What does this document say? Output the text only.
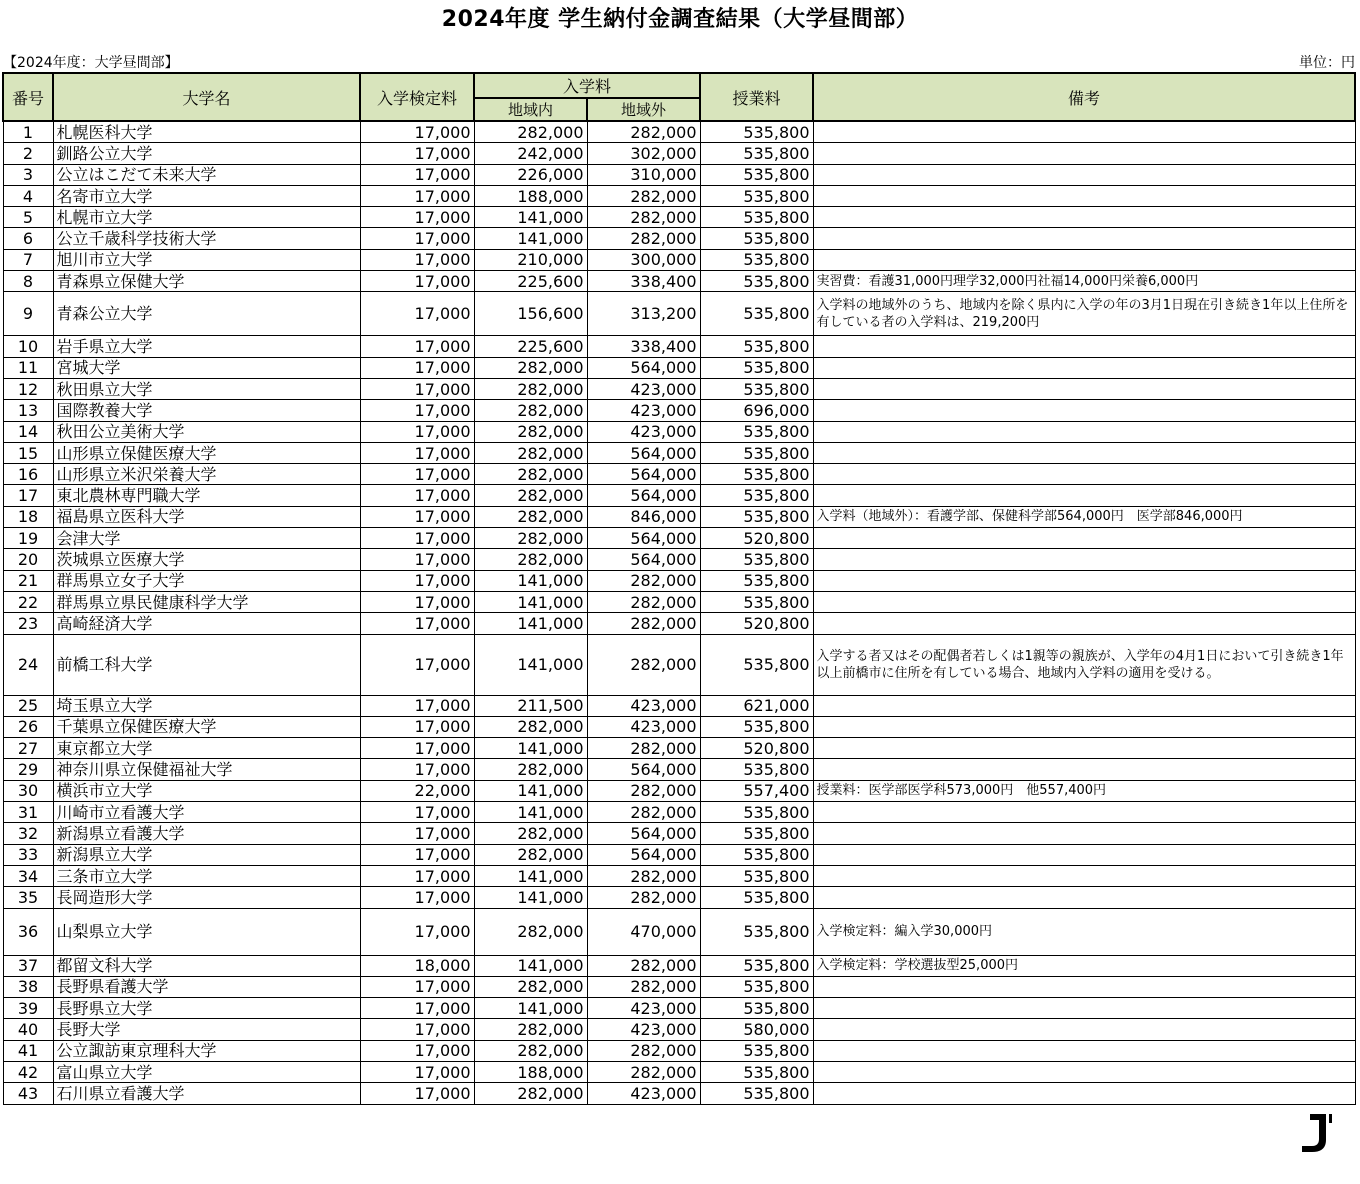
2024年度 学生納付金調査結果（大学昼間部）
【2024年度：大学昼間部】	単位：円
番号	大学名	入学検定料	入学料		授業料	備考
			地域内	地域外		
1	札幌医科大学	17,000	282,000	282,000	535,800	
2	釧路公立大学	17,000	242,000	302,000	535,800	
3	公立はこだて未来大学	17,000	226,000	310,000	535,800	
4	名寄市立大学	17,000	188,000	282,000	535,800	
5	札幌市立大学	17,000	141,000	282,000	535,800	
6	公立千歳科学技術大学	17,000	141,000	282,000	535,800	
7	旭川市立大学	17,000	210,000	300,000	535,800	
8	青森県立保健大学	17,000	225,600	338,400	535,800	実習費：看護31,000円理学32,000円社福14,000円栄養6,000円
9	青森公立大学	17,000	156,600	313,200	535,800	入学料の地域外のうち、地域内を除く県内に入学の年の3月1日現在引き続き1年以上住所を有している者の入学料は、219,200円
10	岩手県立大学	17,000	225,600	338,400	535,800	
11	宮城大学	17,000	282,000	564,000	535,800	
12	秋田県立大学	17,000	282,000	423,000	535,800	
13	国際教養大学	17,000	282,000	423,000	696,000	
14	秋田公立美術大学	17,000	282,000	423,000	535,800	
15	山形県立保健医療大学	17,000	282,000	564,000	535,800	
16	山形県立米沢栄養大学	17,000	282,000	564,000	535,800	
17	東北農林専門職大学	17,000	282,000	564,000	535,800	
18	福島県立医科大学	17,000	282,000	846,000	535,800	入学料（地域外）：看護学部、保健科学部564,000円　医学部846,000円
19	会津大学	17,000	282,000	564,000	520,800	
20	茨城県立医療大学	17,000	282,000	564,000	535,800	
21	群馬県立女子大学	17,000	141,000	282,000	535,800	
22	群馬県立県民健康科学大学	17,000	141,000	282,000	535,800	
23	高崎経済大学	17,000	141,000	282,000	520,800	
24	前橋工科大学	17,000	141,000	282,000	535,800	入学する者又はその配偶者若しくは1親等の親族が、入学年の4月1日において引き続き1年以上前橋市に住所を有している場合、地域内入学料の適用を受ける。
25	埼玉県立大学	17,000	211,500	423,000	621,000	
26	千葉県立保健医療大学	17,000	282,000	423,000	535,800	
27	東京都立大学	17,000	141,000	282,000	520,800	
29	神奈川県立保健福祉大学	17,000	282,000	564,000	535,800	
30	横浜市立大学	22,000	141,000	282,000	557,400	授業料：医学部医学科573,000円　他557,400円
31	川崎市立看護大学	17,000	141,000	282,000	535,800	
32	新潟県立看護大学	17,000	282,000	564,000	535,800	
33	新潟県立大学	17,000	282,000	564,000	535,800	
34	三条市立大学	17,000	141,000	282,000	535,800	
35	長岡造形大学	17,000	141,000	282,000	535,800	
36	山梨県立大学	17,000	282,000	470,000	535,800	入学検定料：編入学30,000円
37	都留文科大学	18,000	141,000	282,000	535,800	入学検定料：学校選抜型25,000円
38	長野県看護大学	17,000	282,000	282,000	535,800	
39	長野県立大学	17,000	141,000	423,000	535,800	
40	長野大学	17,000	282,000	423,000	580,000	
41	公立諏訪東京理科大学	17,000	282,000	282,000	535,800	
42	富山県立大学	17,000	188,000	282,000	535,800	
43	石川県立看護大学	17,000	282,000	423,000	535,800	
